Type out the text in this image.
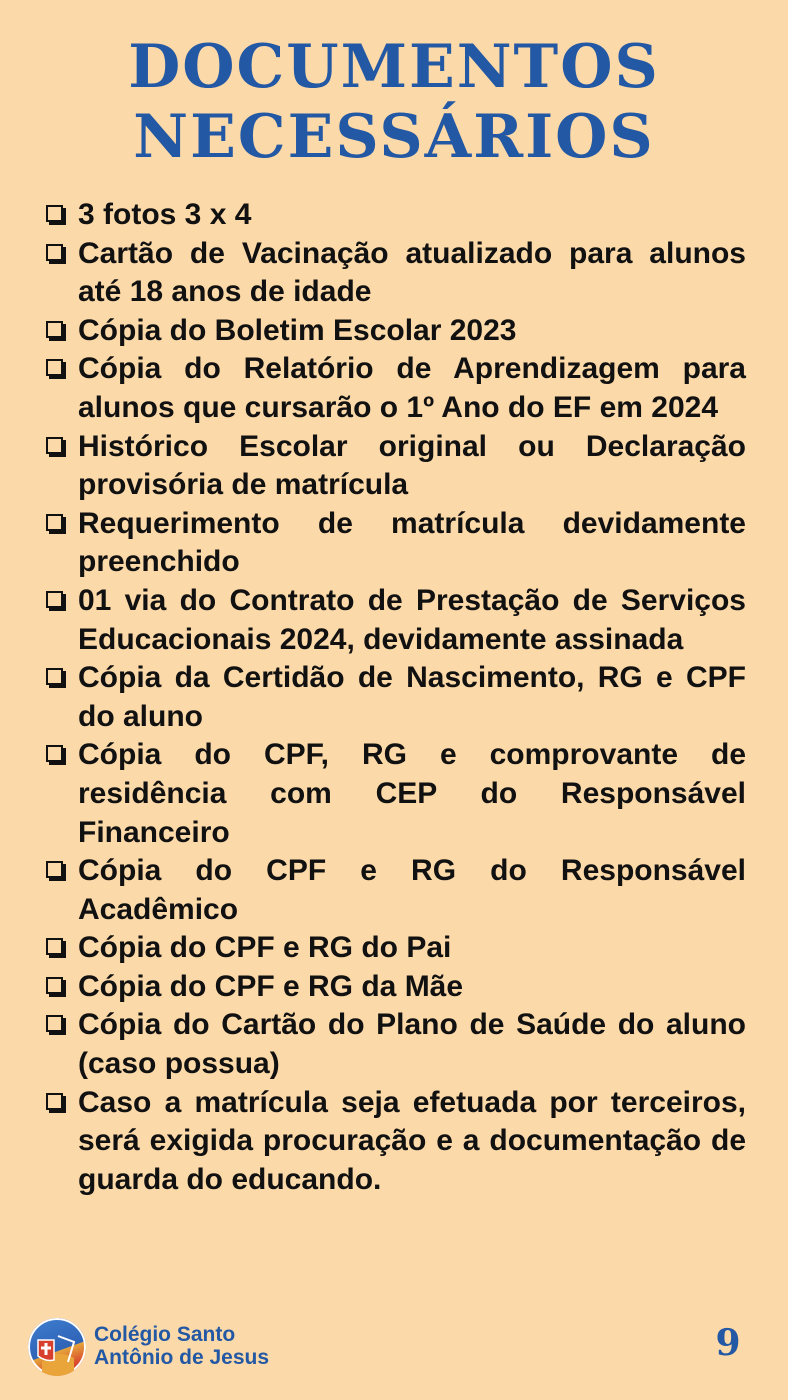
DOCUMENTOS
NECESSÁRIOS
3 fotos 3 x 4
Cartão de Vacinação atualizado para alunos até 18 anos de idade
Cópia do Boletim Escolar 2023
Cópia do Relatório de Aprendizagem para alunos que cursarão o 1º Ano do EF em 2024
Histórico Escolar original ou Declaração provisória de matrícula
Requerimento de matrícula devidamente preenchido
01 via do Contrato de Prestação de Serviços Educacionais 2024, devidamente assinada
Cópia da Certidão de Nascimento, RG e CPF do aluno
Cópia do CPF, RG e comprovante de residência com CEP do Responsável Financeiro
Cópia do CPF e RG do Responsável Acadêmico
Cópia do CPF e RG do Pai
Cópia do CPF e RG da Mãe
Cópia do Cartão do Plano de Saúde do aluno (caso possua)
Caso a matrícula seja efetuada por terceiros, será exigida procuração e a documentação de guarda do educando.
Colégio Santo
Antônio de Jesus	9
